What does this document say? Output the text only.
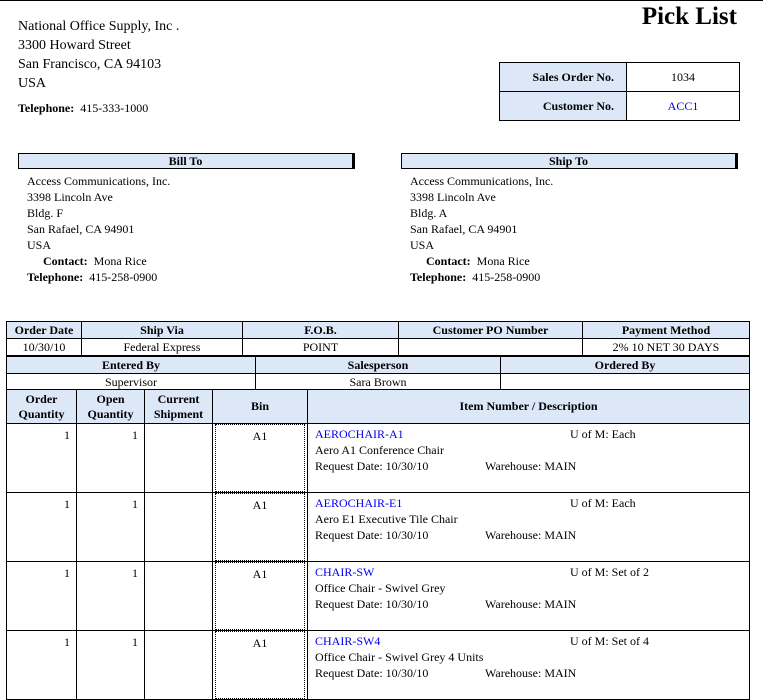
National Office Supply, Inc .
3300 Howard Street
San Francisco, CA 94103
USA
Telephone: 415-333-1000
Pick List
Sales Order No.	1034
Customer No.	ACC1
Bill To
Access Communications, Inc.
3398 Lincoln Ave
Bldg. F
San Rafael, CA 94901
USA
Contact: Mona Rice
Telephone: 415-258-0900
Ship To
Access Communications, Inc.
3398 Lincoln Ave
Bldg. A
San Rafael, CA 94901
USA
Contact: Mona Rice
Telephone: 415-258-0900
Order Date	Ship Via	F.O.B.	Customer PO Number	Payment Method
10/30/10	Federal Express	POINT		2% 10 NET 30 DAYS
Entered By	Salesperson	Ordered By
Supervisor	Sara Brown	
Order Quantity	Open Quantity	Current Shipment	Bin	Item Number / Description
1	1		A1	AEROCHAIR-A1 U of M: Each
Aero A1 Conference Chair
Request Date: 10/30/10 Warehouse: MAIN

1	1		A1	AEROCHAIR-E1 U of M: Each
Aero E1 Executive Tile Chair
Request Date: 10/30/10 Warehouse: MAIN

1	1		A1	CHAIR-SW U of M: Set of 2
Office Chair - Swivel Grey
Request Date: 10/30/10 Warehouse: MAIN

1	1		A1	CHAIR-SW4 U of M: Set of 4
Office Chair - Swivel Grey 4 Units
Request Date: 10/30/10 Warehouse: MAIN
